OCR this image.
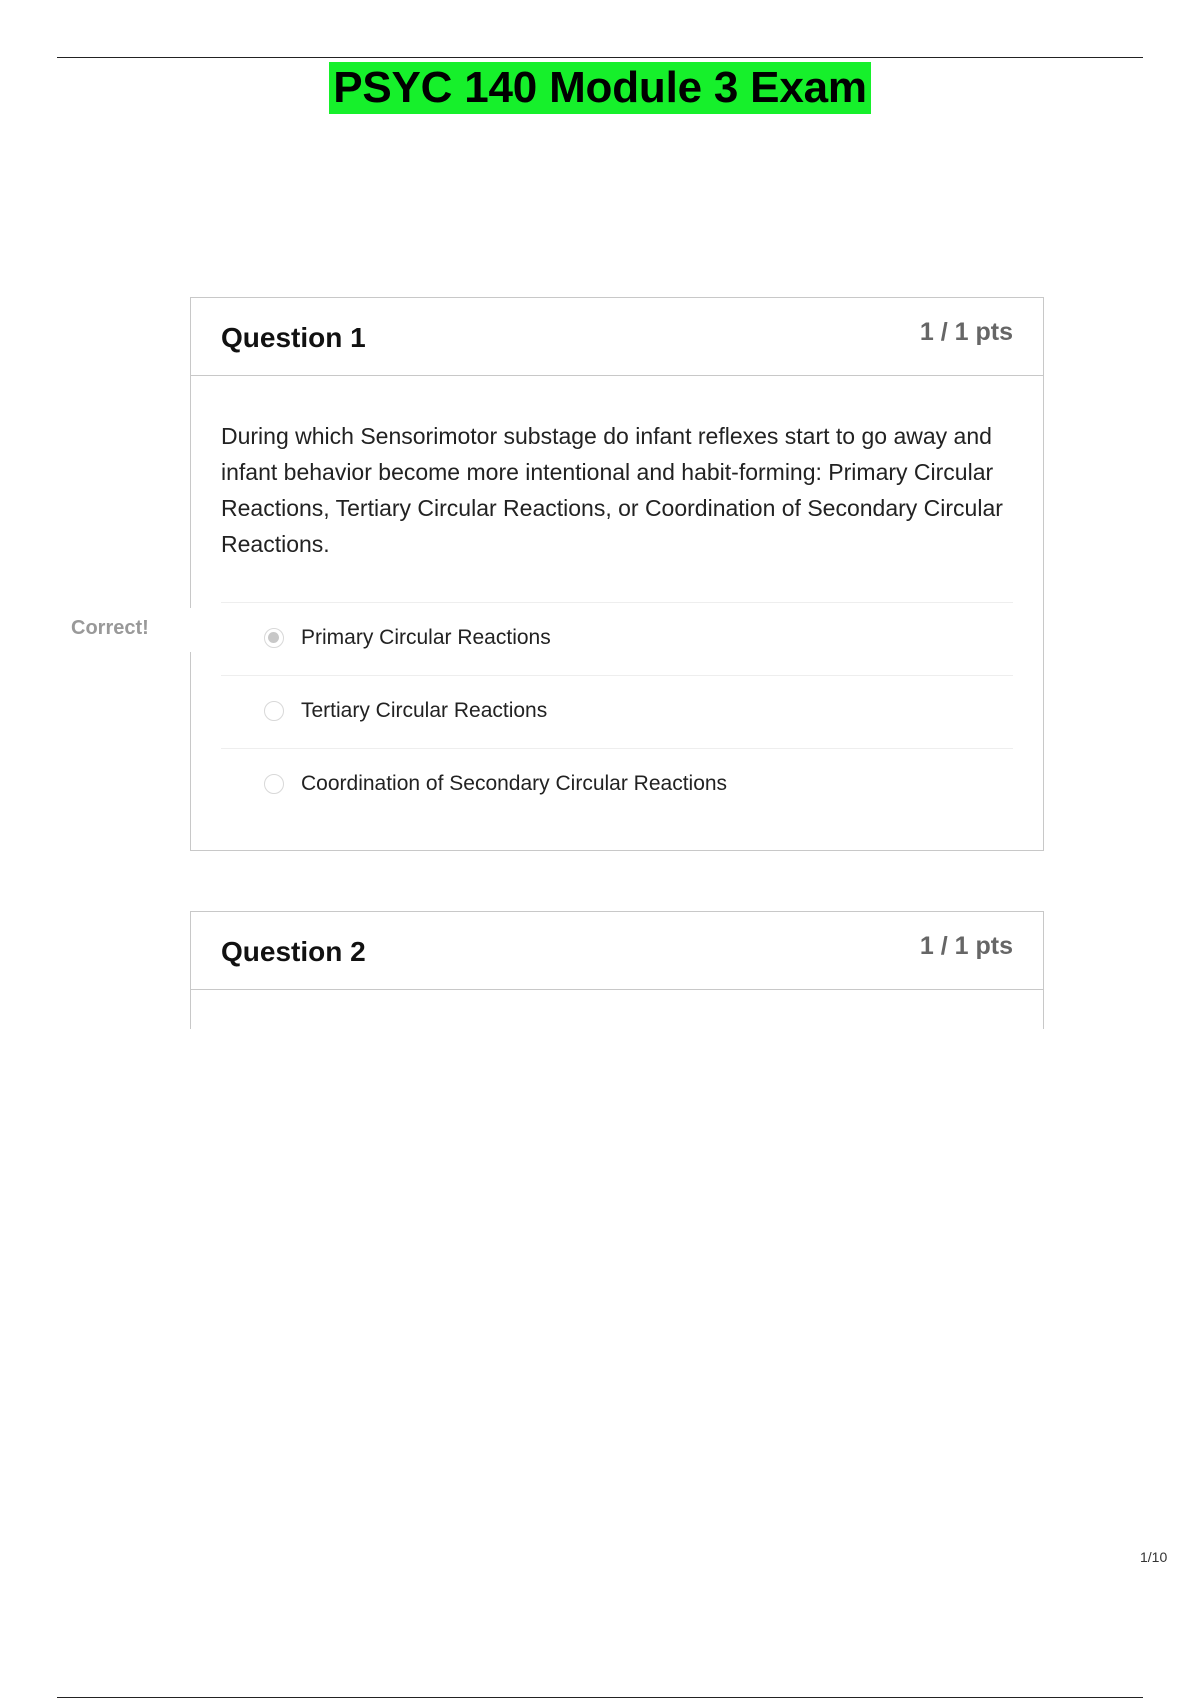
PSYC 140 Module 3 Exam
Question 1	1 / 1 pts
During which Sensorimotor substage do infant reflexes start to go away and infant behavior become more intentional and habit-forming: Primary Circular Reactions, Tertiary Circular Reactions, or Coordination of Secondary Circular Reactions.
Primary Circular Reactions
Tertiary Circular Reactions
Coordination of Secondary Circular Reactions
Correct!
Question 2	1 / 1 pts
1/10
